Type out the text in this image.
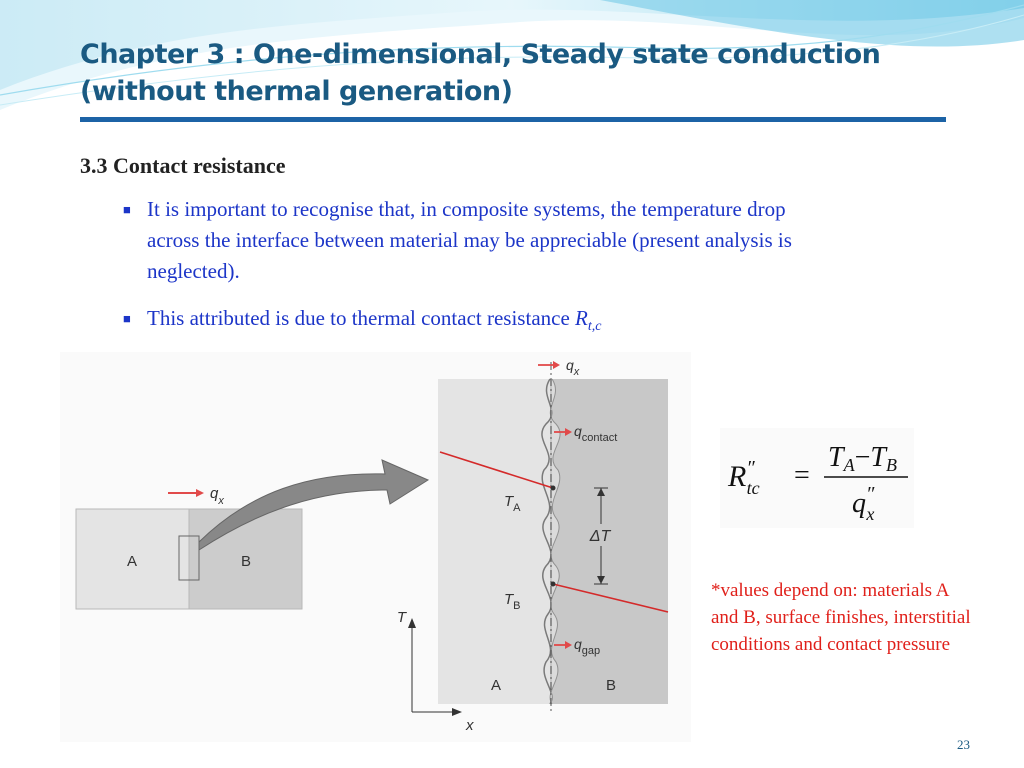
Chapter 3 : One-dimensional, Steady state conduction
(without thermal generation)
3.3 Contact resistance
■ It is important to recognise that, in composite systems, the temperature drop across the interface between material may be appreciable (present analysis is neglected).
■ This attributed is due to thermal contact resistance $R_{t,c}$
A	B
$q_x$
$q_x$
$q_{contact}$
$q_{gap}$
$T_A$
$T_B$
ΔT
A	B
T
x
R″ tc =
TA−TB
q″ x
*values depend on: materials A and B, surface finishes, interstitial conditions and contact pressure
23
